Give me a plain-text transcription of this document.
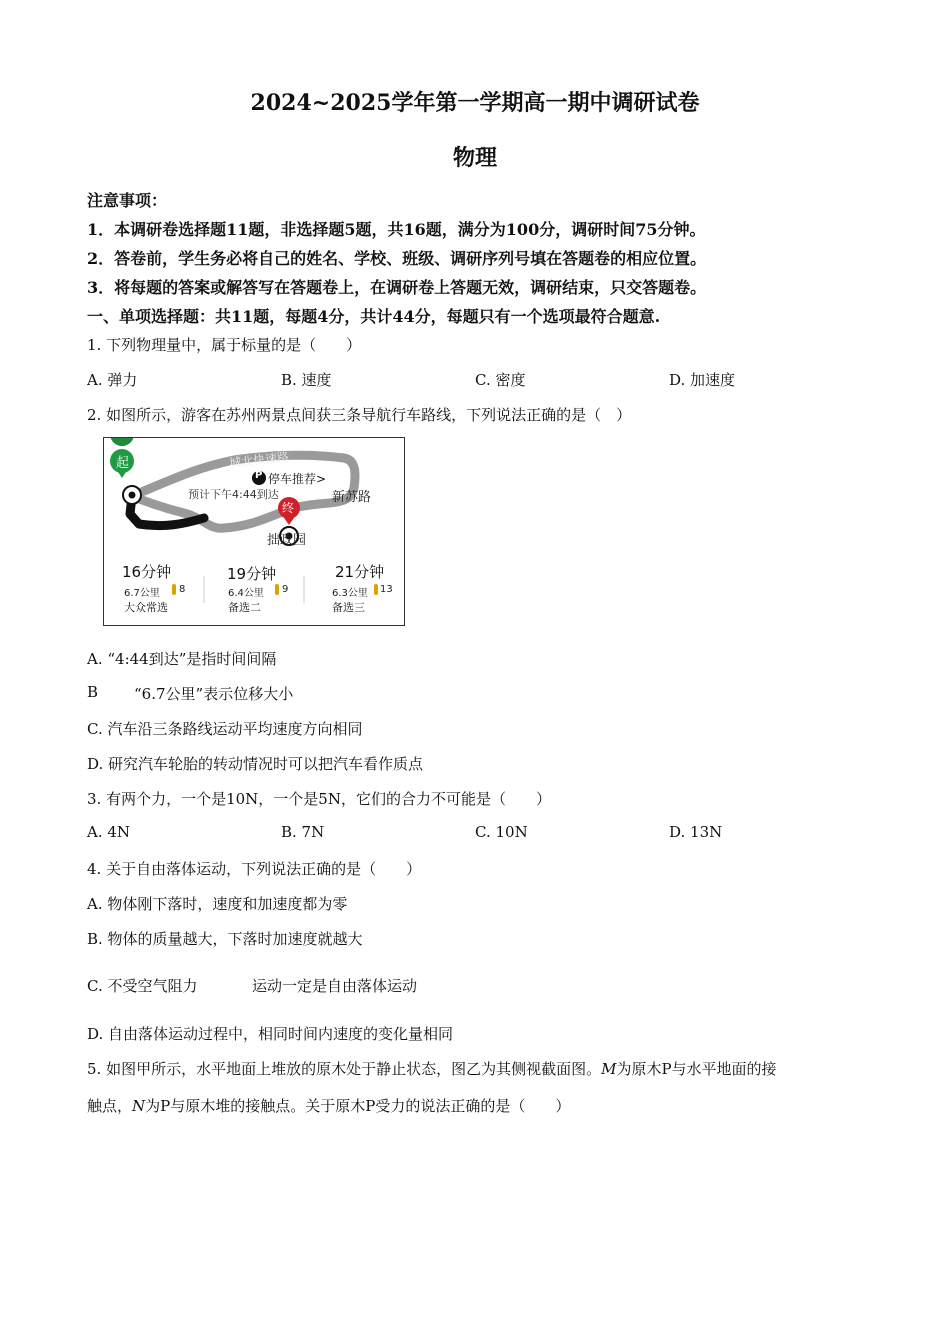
2024~2025学年第一学期高一期中调研试卷
物理
注意事项：
1．本调研卷选择题11题，非选择题5题，共16题，满分为100分，调研时间75分钟。
2．答卷前，学生务必将自己的姓名、学校、班级、调研序列号填在答题卷的相应位置。
3．将每题的答案或解答写在答题卷上，在调研卷上答题无效，调研结束，只交答题卷。
一、单项选择题：共11题，每题4分，共计44分，每题只有一个选项最符合题意.
1. 下列物理量中，属于标量的是（　　）
A. 弹力	B. 速度	C. 密度	D. 加速度
2. 如图所示，游客在苏州两景点间获三条导航行车路线，下列说法正确的是（　）
起
终
城北快速路
P 停车推荐>
预计下午4:44到达	新苏路
拙政园
16分钟
6.7公里 8
大众常选
19分钟
6.4公里 9
备选二
21分钟
6.3公里 13
备选三
A. “4:44到达”是指时间间隔
B “6.7公里”表示位移大小
C. 汽车沿三条路线运动平均速度方向相同
D. 研究汽车轮胎的转动情况时可以把汽车看作质点
3. 有两个力，一个是10N，一个是5N，它们的合力不可能是（　　）
A. 4N	B. 7N	C. 10N	D. 13N
4. 关于自由落体运动，下列说法正确的是（　　）
A. 物体刚下落时，速度和加速度都为零
B. 物体的质量越大，下落时加速度就越大
C. 不受空气阻力	运动一定是自由落体运动
D. 自由落体运动过程中，相同时间内速度的变化量相同
5. 如图甲所示，水平地面上堆放的原木处于静止状态，图乙为其侧视截面图。M为原木P与水平地面的接
触点，N为P与原木堆的接触点。关于原木P受力的说法正确的是（　　）
